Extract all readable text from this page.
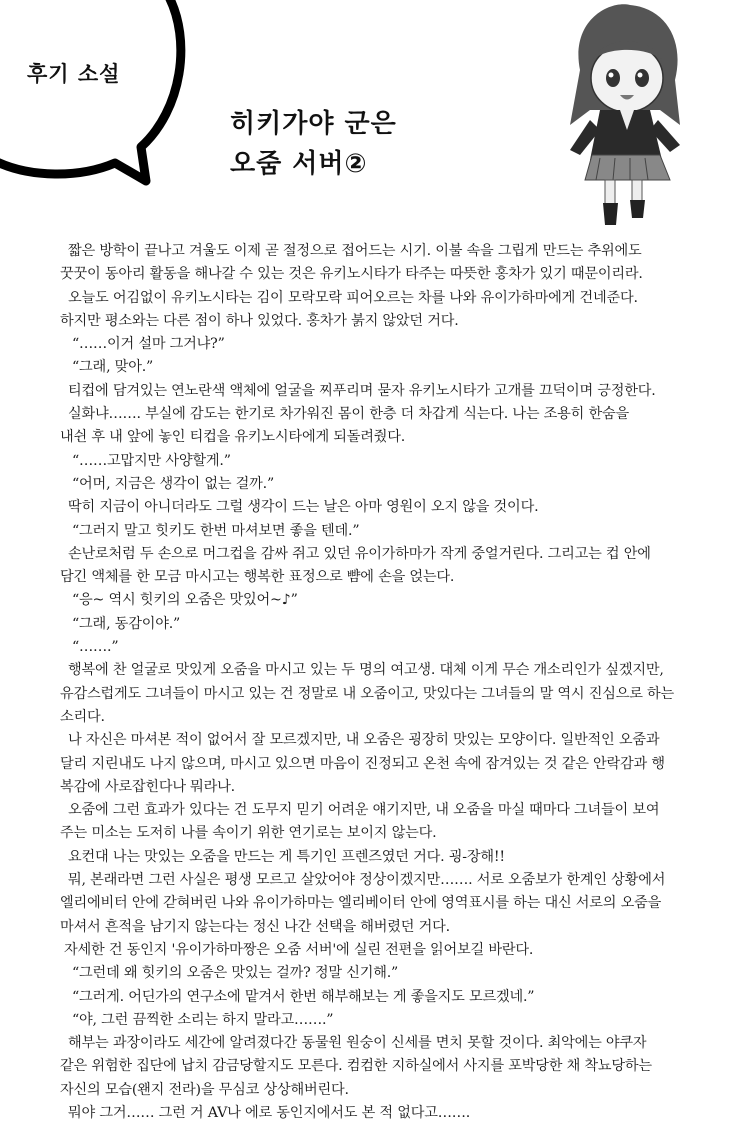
후기 소설
히키가야 군은
오줌 서버②
짧은 방학이 끝나고 겨울도 이제 곧 절정으로 접어드는 시기. 이불 속을 그립게 만드는 추위에도
꿋꿋이 동아리 활동을 해나갈 수 있는 것은 유키노시타가 타주는 따뜻한 홍차가 있기 때문이리라.
오늘도 어김없이 유키노시타는 김이 모락모락 피어오르는 차를 나와 유이가하마에게 건네준다.
하지만 평소와는 다른 점이 하나 있었다. 홍차가 붉지 않았던 거다.
“……이거 설마 그거냐?”
“그래, 맞아.”
티컵에 담겨있는 연노란색 액체에 얼굴을 찌푸리며 묻자 유키노시타가 고개를 끄덕이며 긍정한다.
실화냐……. 부실에 감도는 한기로 차가워진 몸이 한층 더 차갑게 식는다. 나는 조용히 한숨을
내쉰 후 내 앞에 놓인 티컵을 유키노시타에게 되돌려줬다.
“……고맙지만 사양할게.”
“어머, 지금은 생각이 없는 걸까.”
딱히 지금이 아니더라도 그럴 생각이 드는 날은 아마 영원이 오지 않을 것이다.
“그러지 말고 힛키도 한번 마셔보면 좋을 텐데.”
손난로처럼 두 손으로 머그컵을 감싸 쥐고 있던 유이가하마가 작게 중얼거린다. 그리고는 컵 안에
담긴 액체를 한 모금 마시고는 행복한 표정으로 뺨에 손을 얹는다.
“응~ 역시 힛키의 오줌은 맛있어~♪”
“그래, 동감이야.”
“…….”
행복에 찬 얼굴로 맛있게 오줌을 마시고 있는 두 명의 여고생. 대체 이게 무슨 개소리인가 싶겠지만,
유감스럽게도 그녀들이 마시고 있는 건 정말로 내 오줌이고, 맛있다는 그녀들의 말 역시 진심으로 하는
소리다.
나 자신은 마셔본 적이 없어서 잘 모르겠지만, 내 오줌은 굉장히 맛있는 모양이다. 일반적인 오줌과
달리 지린내도 나지 않으며, 마시고 있으면 마음이 진정되고 온천 속에 잠겨있는 것 같은 안락감과 행
복감에 사로잡힌다나 뭐라나.
오줌에 그런 효과가 있다는 건 도무지 믿기 어려운 얘기지만, 내 오줌을 마실 때마다 그녀들이 보여
주는 미소는 도저히 나를 속이기 위한 연기로는 보이지 않는다.
요컨대 나는 맛있는 오줌을 만드는 게 특기인 프렌즈였던 거다. 굉-장해!!
뭐, 본래라면 그런 사실은 평생 모르고 살았어야 정상이겠지만……. 서로 오줌보가 한계인 상황에서
엘리에비터 안에 갇혀버린 나와 유이가하마는 엘리베이터 안에 영역표시를 하는 대신 서로의 오줌을
마셔서 흔적을 남기지 않는다는 정신 나간 선택을 해버렸던 거다.
자세한 건 동인지 '유이가하마짱은 오줌 서버'에 실린 전편을 읽어보길 바란다.
“그런데 왜 힛키의 오줌은 맛있는 걸까? 정말 신기해.”
“그러게. 어딘가의 연구소에 맡겨서 한번 해부해보는 게 좋을지도 모르겠네.”
“야, 그런 끔찍한 소리는 하지 말라고…….”
해부는 과장이라도 세간에 알려졌다간 동물원 원숭이 신세를 면치 못할 것이다. 최악에는 야쿠자
같은 위험한 집단에 납치 감금당할지도 모른다. 컴컴한 지하실에서 사지를 포박당한 채 착뇨당하는
자신의 모습(왠지 전라)을 무심코 상상해버린다.
뭐야 그거…… 그런 거 AV나 에로 동인지에서도 본 적 없다고…….
